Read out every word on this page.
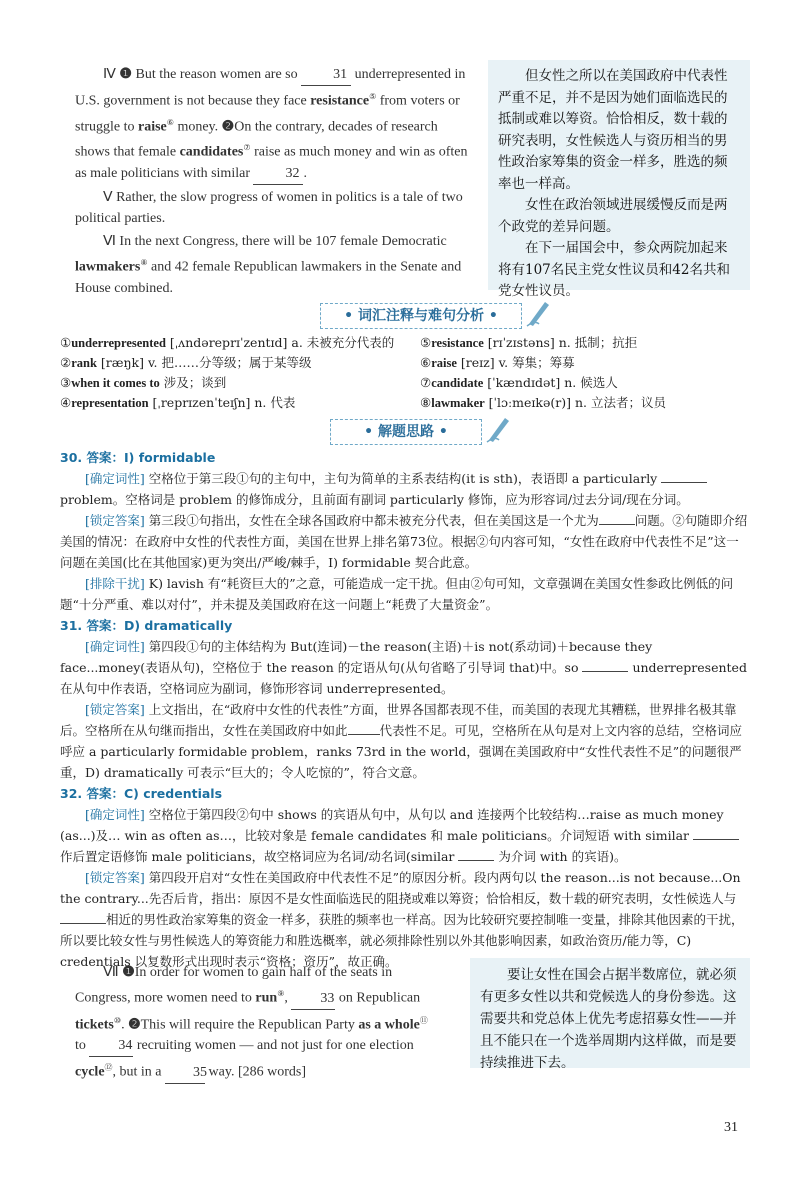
Ⅳ ❶ But the reason women are so	31 underrepresented in U.S. government is not because they face resistance⑤ from voters or struggle to raise⑥ money. ❷On the contrary, decades of research shows that female candidates⑦ raise as much money and win as often as male politicians with similar	32 .

Ⅴ Rather, the slow progress of women in politics is a tale of two political parties.

Ⅵ In the next Congress, there will be 107 female Democratic lawmakers⑧ and 42 female Republican lawmakers in the Senate and House combined.

但女性之所以在美国政府中代表性严重不足，并不是因为她们面临选民的抵制或难以筹资。恰恰相反，数十载的研究表明，女性候选人与资历相当的男性政治家筹集的资金一样多，胜选的频率也一样高。

女性在政治领域进展缓慢反而是两个政党的差异问题。

在下一届国会中，参众两院加起来将有107名民主党女性议员和42名共和党女性议员。

• 词汇注释与难句分析 •
①underrepresented [ˌʌndəreprɪˈzentɪd] a. 未被充分代表的
②rank [ræŋk] v. 把……分等级；属于某等级
③when it comes to 涉及；谈到
④representation [ˌreprɪzenˈteɪʃn] n. 代表
⑤resistance [rɪˈzɪstəns] n. 抵制；抗拒
⑥raise [reɪz] v. 筹集；筹募
⑦candidate [ˈkændɪdət] n. 候选人
⑧lawmaker [ˈlɔːmeɪkə(r)] n. 立法者；议员
• 解题思路 •
30. 答案：I) formidable

[确定词性] 空格位于第三段①句的主句中，主句为简单的主系表结构(it is sth)，表语即 a particularly  problem。空格词是 problem 的修饰成分，且前面有副词 particularly 修饰，应为形容词/过去分词/现在分词。

[锁定答案] 第三段①句指出，女性在全球各国政府中都未被充分代表，但在美国这是一个尤为	问题。②句随即介绍美国的情况：在政府中女性的代表性方面，美国在世界上排名第73位。根据②句内容可知，“女性在政府中代表性不足”这一问题在美国(比在其他国家)更为突出/严峻/棘手，I) formidable 契合此意。

[排除干扰] K) lavish 有“耗资巨大的”之意，可能造成一定干扰。但由②句可知，文章强调在美国女性参政比例低的问题“十分严重、难以对付”，并未提及美国政府在这一问题上“耗费了大量资金”。

31. 答案：D) dramatically

[确定词性] 第四段①句的主体结构为 But(连词)－the reason(主语)＋is not(系动词)＋because they face...money(表语从句)，空格位于 the reason 的定语从句(从句省略了引导词 that)中。so	underrepresented 在从句中作表语，空格词应为副词，修饰形容词 underrepresented。

[锁定答案] 上文指出，在“政府中女性的代表性”方面，世界各国都表现不佳，而美国的表现尤其糟糕，世界排名极其靠后。空格所在从句继而指出，女性在美国政府中如此	代表性不足。可见，空格所在从句是对上文内容的总结，空格词应呼应 a particularly formidable problem，ranks 73rd in the world，强调在美国政府中“女性代表性不足”的问题很严重，D) dramatically 可表示“巨大的；令人吃惊的”，符合文意。

32. 答案：C) credentials

[确定词性] 空格位于第四段②句中 shows 的宾语从句中，从句以 and 连接两个比较结构…raise as much money (as...)及… win as often as…，比较对象是 female candidates 和 male politicians。介词短语 with similar  作后置定语修饰 male politicians，故空格词应为名词/动名词(similar	为介词 with 的宾语)。

[锁定答案] 第四段开启对“女性在美国政府中代表性不足”的原因分析。段内两句以 the reason...is not because...On the contrary...先否后肯，指出：原因不是女性面临选民的阻挠或难以筹资；恰恰相反，数十载的研究表明，女性候选人与相近的男性政治家筹集的资金一样多，获胜的频率也一样高。因为比较研究要控制唯一变量，排除其他因素的干扰，所以要比较女性与男性候选人的筹资能力和胜选概率，就必须排除性别以外其他影响因素，如政治资历/能力等，C) credentials 以复数形式出现时表示“资格；资历”，故正确。

Ⅶ ❶In order for women to gain half of the seats in Congress, more women need to run⑨, 33 on Republican tickets⑩. ❷This will require the Republican Party as a whole⑪ to 34 recruiting women — and not just for one election cycle⑫, but in a 35 way. [286 words]

要让女性在国会占据半数席位，就必须有更多女性以共和党候选人的身份参选。这需要共和党总体上优先考虑招募女性——并且不能只在一个选举周期内这样做，而是要持续推进下去。

31
